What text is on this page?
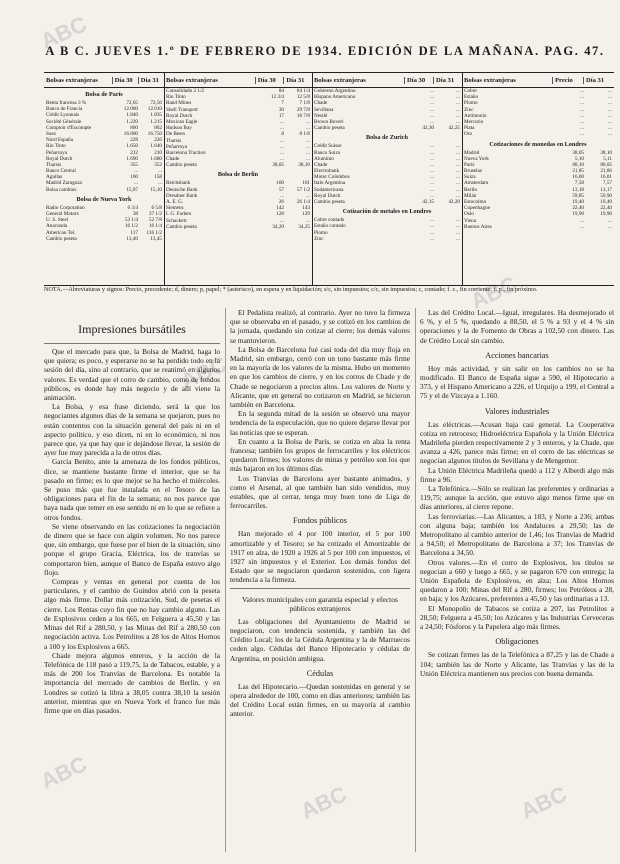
ABC
ABC
ABC
ABC
ABC	ABC
A B C. JUEVES 1.º DE FEBRERO DE 1934. EDICIÓN DE LA MAÑANA. PAG. 47.
Bolsas extranjeras	Día 30	Día 31
Bolsa de París
Renta francesa 3 %	72,65	72,50
Banco de Francia	12.000	12.010
Crédit Lyonnais	1.840	1.835
Société Générale	1.220	1.215
Comptoir d'Escompte	860	862
Suez	16.800	16.750
Nord España	228	226
Río Tinto	1.650	1.640
Peñarroya	212	210
Royal Dutch	1.690	1.680
Tharsis	355	352
Banco Central	...	...
Aguilas	160	158
Madrid Zaragoza	...	...
Bolsa cambios	15,07	15,10
Bolsa de Nueva York
Radio Corporation	6 3/4	6 5/8
General Motors	38	37 1/2
U. S. Steel	53 1/4	52 7/8
Anaconda	16 1/2	16 1/4
American Tel.	117	116 1/2
Cambio peseta	13,40	13,45
Bolsas extranjeras	Día 30	Día 31
Consolidado 2 1/2	84	84 1/4
Río Tinto	12 3/4	12 5/8
Rand Mines	7	7 1/8
Shell Transport	30	29 7/8
Royal Dutch	17	16 7/8
Mexican Eagle	...	...
Hudson Bay	...	...
De Beers	8	8 1/8
Tharsis	...	...
Peñarroya	...	...
Barcelona Traction	...	...
Chade	...	...
Cambio peseta	38,05	38,10
Bolsa de Berlín
Reichsbank	160	161
Deutsche Bank	57	57 1/2
Dresdner Bank	...	...
A. E. G.	26	26 1/4
Siemens	142	143
I. G. Farben	128	129
Schuckert	...	...
Cambio peseta	34,20	34,25
Bolsas extranjeras	Día 30	Día 31
Gobierno Argentino	...	...
Hispano Americano	...	...
Chade	...	...
Sevillana	...	...
Nestlé	...	...
Brown Boveri	...	...
Cambio peseta	42,30	42,25
Bolsa de Zurich
Crédit Suisse	...	...
Banco Suizo	...	...
Aluminio	...	...
Chade	...	...
Electrobank	...	...
Motor Colombus	...	...
Italo Argentina	...	...
Sudamericana	...	...
Royal Dutch	...	...
Cambio peseta	42,15	42,20
Cotización de metales en Londres
Cobre contado	...	...
Estaño contado	...	...
Plomo	...	...
Zinc	...	...
Bolsas extranjeras	Precio	Día 31
Cobre	...	...
Estaño	...	...
Plomo	...	...
Zinc	...	...
Antimonio	...	...
Mercurio	...	...
Plata	...	...
Oro	...	...
Cotizaciones de monedas en Londres
Madrid	38,05	38,10
Nueva York	5,10	5,11
París	80,10	80,05
Bruselas	21,85	21,86
Suiza	16,00	16,01
Amsterdam	7,58	7,57
Berlín	13,18	13,17
Milán	59,85	59,90
Estocolmo	19,40	19,40
Copenhague	22,40	22,40
Oslo	19,90	19,90
Viena	...	...
Buenos Aires	...	...
NOTA.—Abreviaturas y signos: Precio, precedente; d, dinero; p, papel; * (asterisco), en espera y en liquidación; s/c, sin impuestos; c/c, sin impuestos; c, contado; f. c., fin corriente; f. p., fin próximo.
Impresiones bursátiles

Que el mercado para que, la Bolsa de Madrid, haga lo que quiera; es poco, y esperarse no se ha perdido todo en la sesión del día, sino al contrario, que se reanimó en algunos valores. Es verdad que el corro de cambio, como de fondos públicos, es donde hay más negocio y de allí viene la animación.

La Bolsa, y esa frase diciendo, será la que los negociantes algunos días de la semana se quejaron, pues no están contentos con la situación general del país ni en el aspecto político, y eso dicen, ni en lo económico, ni nos parece que, ya que hay que ir dejándose llevar, la sesión de ayer fue muy parecida a la de otros días.

García Benito, ante la amenaza de los fondos públicos, dice, se mantiene bastante firme el interior, que se ha pasado en firme; es lo que mejor se ha hecho el miércoles. Se puso más que fue instalada en el Tesoro de las obligaciones para el fin de la semana; no nos parece que haya nada que temer en ese sentido ni en lo que se refiere a otros fondos.

Se viene observando en las cotizaciones la negociación de dinero que se hace con algún volumen. No nos parece que, sin embargo, que fuese por el bien de la situación, sino porque el grupo Gracia, Eléctrica, los de tranvías se comportaron bien, aunque el Banco de España estuvo algo flojo.

Compras y ventas en general por cuenta de los particulares, y el cambio de Guindos abrió con la peseta algo más firme. Dollar más cotización, Sud, de pesetas el cierre. Los Rentas cuyo fin que no hay cambio alguno. Las de Explosivos ceden a los 665, en Felguera a 45,50 y las Minas del Rif a 280,50, y las Minas del Rif a 280,50 con negociación activa. Los Petrolitos a 28 los de Altos Hornos a 100 y los Explosivos a 665.

Chade mejora algunos enteros, y la acción de la Telefónica de 118 pasó a 119,75, la de Tabacos, estable, y a más de 200 los Tranvías de Barcelona. Es notable la importancia del mercado de cambios de Berlín, y en Londres se cotizó la libra a 38,05 contra 38,10 la sesión anterior, mientras que en Nueva York el franco fue más firme que en días pasados.

El Pedalista realizó, al contrario. Ayer no tuvo la firmeza que se observaba en el pasado, y se cotizó en los cambios de la jornada, quedando sin cotizar al cierre; los demás valores se mantuvieron.

La Bolsa de Barcelona fué casi toda del día muy floja en Madrid, sin embargo, cerró con un tono bastante más firme en la mayoría de los valores de la misma. Hubo un momento en que los cambios de cierre, y en los corros de Chade y de Chade se negociaron a precios altos. Los valores de Norte y Alicante, que en general no cotizaron en Madrid, se hicieron también en Barcelona.

En la segunda mitad de la sesión se observó una mayor tendencia de la especulación, que no quiere dejarse llevar por las noticias que se esperan.

En cuanto a la Bolsa de París, se cotiza en alza la renta francesa; también los grupos de ferrocarriles y los eléctricos quedaron firmes; los valores de minas y petróleo son los que más bajaron en los últimos días.

Los Tranvías de Barcelona ayer bastante animados, y como el Arsenal, al que también han sido vendidos, muy estables, que al cerrar, tenga muy buen tono de Liga de ferrocarriles.

Fondos públicos

Han mejorado el 4 por 100 interior, el 5 por 100 amortizable y el Tesoro; se ha cotizado el Amortizable de 1917 en alza, de 1920 a 1926 al 5 por 100 con impuestos, el 1927 sin impuestos y el Exterior. Los demás fondos del Estado que se negociaron quedaron sostenidos, con ligera tendencia a la firmeza.

Valores municipales con garantía especial y efectos públicos extranjeros

Las obligaciones del Ayuntamiento de Madrid se negociaron, con tendencia sostenida, y también las del Crédito Local; los de la Cédula Argentina y la de Marruecos ceden algo. Cédulas del Banco Hipotecario y cédulas de Argentina, en posición ambigua.

Cédulas

Las del Hipotecario.—Quedan sostenidas en general y se opera alrededor de 100, como en días anteriores; también las del Crédito Local están firmes, en su mayoría al cambio anterior.

Las del Crédito Local.—Igual, irregulares. Ha desmejorado el 6 %, y el 5 %, quedando a 88,50, el 5 % a 93 y el 4 % sin operaciones y la de Fomento de Obras a 102,50 con dinero. Las de Crédito Local sin cambio.

Acciones bancarias

Hoy más actividad, y sin salir en los cambios no se ha modificado. El Banco de España sigue a 590, el Hipotecario a 373, y el Hispano Americano a 226, el Urquijo a 199, el Central a 75 y el de Vizcaya a 1.160.

Valores industriales

Las eléctricas.—Acusan baja casi general. La Cooperativa cotiza en retroceso; Hidroeléctrica Española y la Unión Eléctrica Madrileña pierden respectivamente 2 y 3 enteros, y la Chade, que avanza a 426, parece más firme; en el corro de las eléctricas se negocian algunos títulos de Sevillana y de Mengemor.

La Unión Eléctrica Madrileña quedó a 112 y Alberdi algo más firme a 96.

La Telefónica.—Sólo se realizan las preferentes y ordinarias a 119,75; aunque la acción, que estuvo algo menos firme que en días anteriores, al cierre repone.

Las ferroviarias.—Las Alicantes, a 183, y Norte a 236; ambas con alguna baja; también los Andaluces a 29,50; las de Metropolitano al cambio anterior de 1,46; los Tranvías de Madrid a 94,50; el Metropolitano de Barcelona a 37; los Tranvías de Barcelona a 34,50.

Otros valores.—En el corro de Explosivos, los títulos se negocian a 660 y luego a 665, y se pagaron 670 con entrega; la Unión Española de Explosivos, en alza; Los Altos Hornos quedaron a 100; Minas del Rif a 280, firmes; los Petróleos a 28, en baja; y los Azúcares, preferentes a 45,50 y las ordinarias a 13.

El Monopolio de Tabacos se cotiza a 207, las Petrolitos a 28,50; Felguera a 45,50; los Azúcares y las Industrias Cerveceras a 24,50; Fósforos y la Papelera algo más firmes.

Obligaciones

Se cotizan firmes las de la Telefónica a 87,25 y las de Chade a 104; también las de Norte y Alicante, las Tranvías y las de la Unión Eléctrica mantienen sus precios con buena demanda.
